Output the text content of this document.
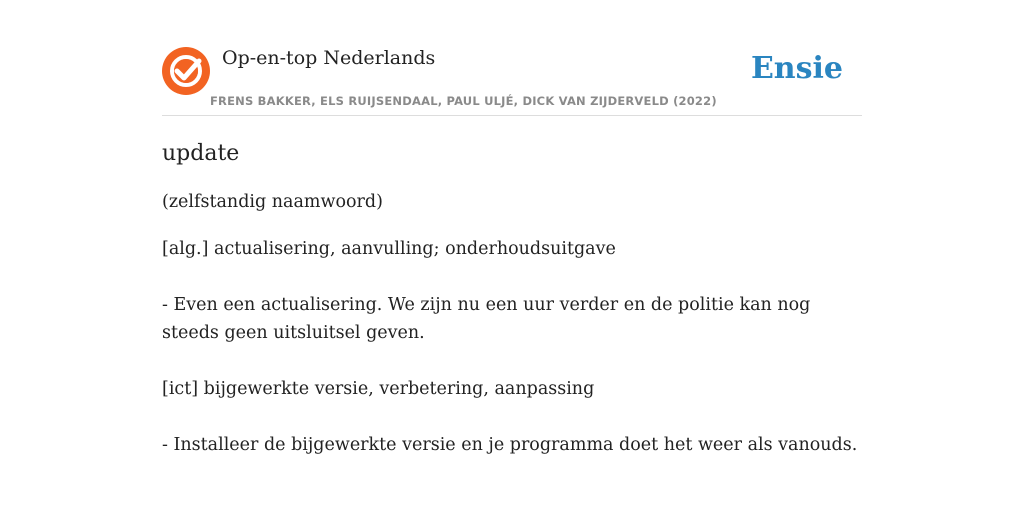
Op-en-top Nederlands
FRENS BAKKER, ELS RUIJSENDAAL, PAUL ULJÉ, DICK VAN ZIJDERVELD (2022)
Ensie
update
(zelfstandig naamwoord)
[alg.] actualisering, aanvulling; onderhoudsuitgave
- Even een actualisering. We zijn nu een uur verder en de politie kan nog steeds geen uitsluitsel geven.
[ict] bijgewerkte versie, verbetering, aanpassing
- Installeer de bijgewerkte versie en je programma doet het weer als vanouds.
